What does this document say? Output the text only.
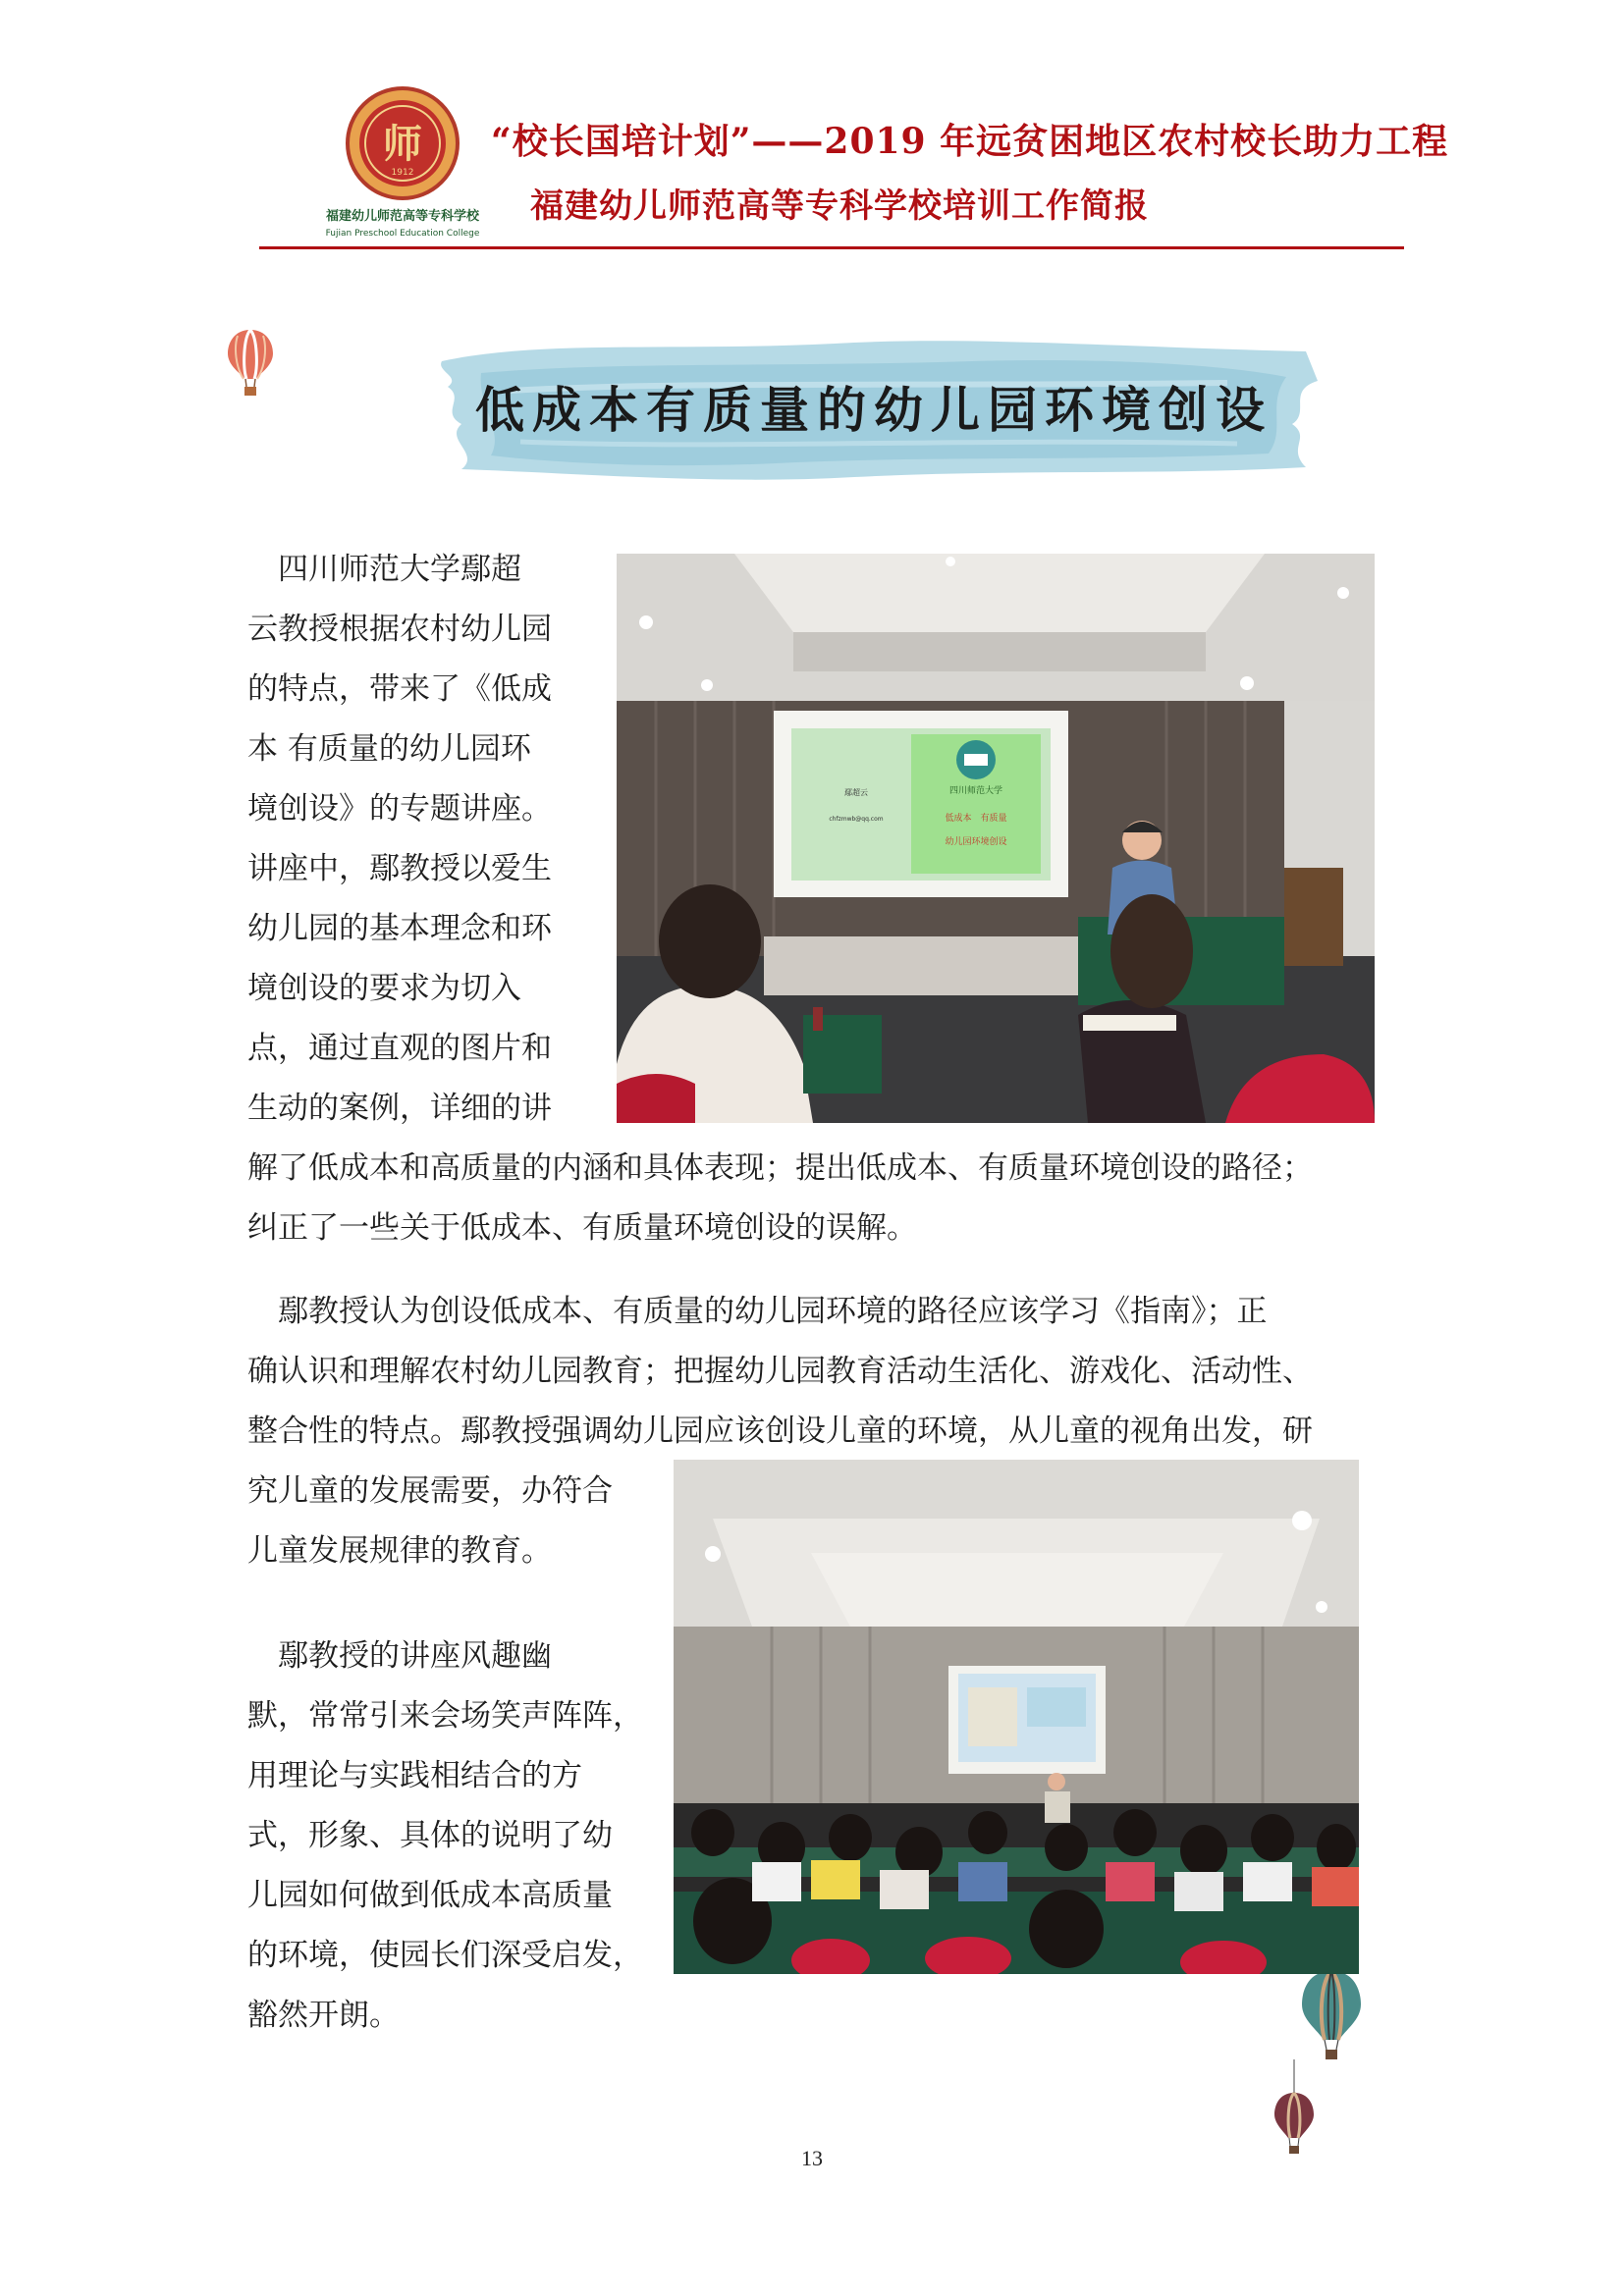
师
1912
福建幼儿师范高等专科学校
Fujian Preschool Education College
“校长国培计划”——2019 年远贫困地区农村校长助力工程
福建幼儿师范高等专科学校培训工作简报
低成本有质量的幼儿园环境创设
　四川师范大学鄢超
云教授根据农村幼儿园
的特点，带来了《低成
本 有质量的幼儿园环
境创设》的专题讲座。
讲座中，鄢教授以爱生
幼儿园的基本理念和环
境创设的要求为切入
点，通过直观的图片和
生动的案例，详细的讲
解了低成本和高质量的内涵和具体表现；提出低成本、有质量环境创设的路径；
纠正了一些关于低成本、有质量环境创设的误解。
　鄢教授认为创设低成本、有质量的幼儿园环境的路径应该学习《指南》；正
确认识和理解农村幼儿园教育；把握幼儿园教育活动生活化、游戏化、活动性、
整合性的特点。鄢教授强调幼儿园应该创设儿童的环境，从儿童的视角出发，研
究儿童的发展需要，办符合
儿童发展规律的教育。
　鄢教授的讲座风趣幽
默，常常引来会场笑声阵阵，
用理论与实践相结合的方
式，形象、具体的说明了幼
儿园如何做到低成本高质量
的环境，使园长们深受启发，
豁然开朗。
四川师范大学
低成本　有质量
幼儿园环境创设
鄢超云
chfzmwb@qq.com
13
